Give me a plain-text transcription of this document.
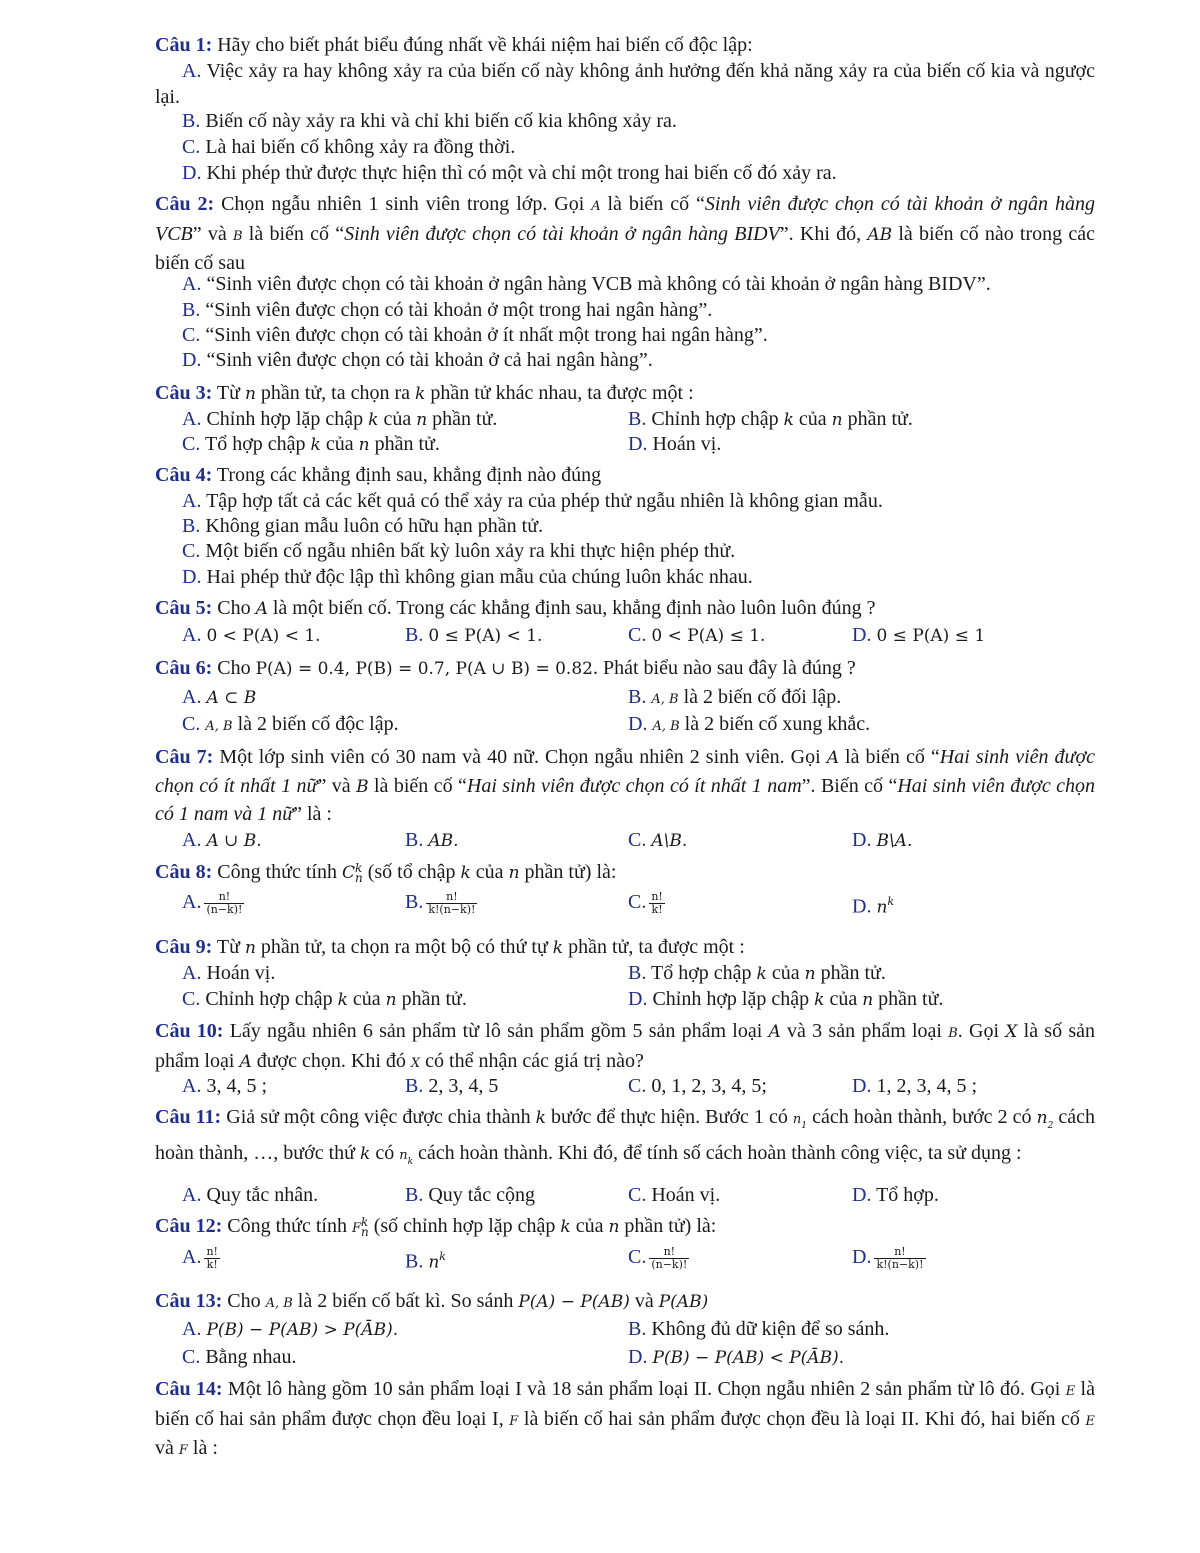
Câu 1: Hãy cho biết phát biểu đúng nhất về khái niệm hai biến cố độc lập:
A. Việc xảy ra hay không xảy ra của biến cố này không ảnh hưởng đến khả năng xảy ra của biến cố kia và ngược lại.
B. Biến cố này xảy ra khi và chỉ khi biến cố kia không xảy ra.
C. Là hai biến cố không xảy ra đồng thời.
D. Khi phép thử được thực hiện thì có một và chỉ một trong hai biến cố đó xảy ra.
Câu 2: Chọn ngẫu nhiên 1 sinh viên trong lớp. Gọi A là biến cố “Sinh viên được chọn có tài khoản ở ngân hàng VCB” và B là biến cố “Sinh viên được chọn có tài khoản ở ngân hàng BIDV”. Khi đó, AB là biến cố nào trong các biến cố sau
A. “Sinh viên được chọn có tài khoản ở ngân hàng VCB mà không có tài khoản ở ngân hàng BIDV”.
B. “Sinh viên được chọn có tài khoản ở một trong hai ngân hàng”.
C. “Sinh viên được chọn có tài khoản ở ít nhất một trong hai ngân hàng”.
D. “Sinh viên được chọn có tài khoản ở cả hai ngân hàng”.
Câu 3: Từ n phần tử, ta chọn ra k phần tử khác nhau, ta được một :
A. Chỉnh hợp lặp chập k của n phần tử.	B. Chỉnh hợp chập k của n phần tử.
C. Tổ hợp chập k của n phần tử.	D. Hoán vị.
Câu 4: Trong các khẳng định sau, khẳng định nào đúng
A. Tập hợp tất cả các kết quả có thể xảy ra của phép thử ngẫu nhiên là không gian mẫu.
B. Không gian mẫu luôn có hữu hạn phần tử.
C. Một biến cố ngẫu nhiên bất kỳ luôn xảy ra khi thực hiện phép thử.
D. Hai phép thử độc lập thì không gian mẫu của chúng luôn khác nhau.
Câu 5: Cho A là một biến cố. Trong các khẳng định sau, khẳng định nào luôn luôn đúng ?
A. 0 < P(A) < 1.	B. 0 ≤ P(A) < 1.	C. 0 < P(A) ≤ 1.	D. 0 ≤ P(A) ≤ 1
Câu 6: Cho P(A) = 0.4, P(B) = 0.7, P(A ∪ B) = 0.82. Phát biểu nào sau đây là đúng ?
A. A ⊂ B	B. A, B là 2 biến cố đối lập.
C. A, B là 2 biến cố độc lập.	D. A, B là 2 biến cố xung khắc.
Câu 7: Một lớp sinh viên có 30 nam và 40 nữ. Chọn ngẫu nhiên 2 sinh viên. Gọi A là biến cố “Hai sinh viên được chọn có ít nhất 1 nữ” và B là biến cố “Hai sinh viên được chọn có ít nhất 1 nam”. Biến cố “Hai sinh viên được chọn có 1 nam và 1 nữ” là :
A. A ∪ B.	B. AB.	C. A\B.	D. B\A.
Câu 8: Công thức tính C k
n (số tổ chập k của n phần tử) là:
A. $\frac{n!}{(n-k)!}$	B. $\frac{n!}{k!(n-k)!}$	C. $\frac{n!}{k!}$	D. $n^k$
Câu 9: Từ n phần tử, ta chọn ra một bộ có thứ tự k phần tử, ta được một :
A. Hoán vị.	B. Tổ hợp chập k của n phần tử.
C. Chỉnh hợp chập k của n phần tử.	D. Chỉnh hợp lặp chập k của n phần tử.
Câu 10: Lấy ngẫu nhiên 6 sản phẩm từ lô sản phẩm gồm 5 sản phẩm loại A và 3 sản phẩm loại B. Gọi X là số sản phẩm loại A được chọn. Khi đó X có thể nhận các giá trị nào?
A. 3, 4, 5 ;	B. 2, 3, 4, 5	C. 0, 1, 2, 3, 4, 5;	D. 1, 2, 3, 4, 5 ;
Câu 11: Giả sử một công việc được chia thành k bước để thực hiện. Bước 1 có $n_1$ cách hoàn thành, bước 2 có $n_2$ cách hoàn thành, …, bước thứ k có $n_k$ cách hoàn thành. Khi đó, để tính số cách hoàn thành công việc, ta sử dụng :
A. Quy tắc nhân.	B. Quy tắc cộng	C. Hoán vị.	D. Tổ hợp.
Câu 12: Công thức tính F k
n (số chỉnh hợp lặp chập k của n phần tử) là:
A. $\frac{n!}{k!}$	B. $n^k$	C. $\frac{n!}{(n-k)!}$	D. $\frac{n!}{k!(n-k)!}$
Câu 13: Cho A, B là 2 biến cố bất kì. So sánh P(A) − P(AB) và P(AB)
A. P(B) − P(AB) > P(ĀB).	B. Không đủ dữ kiện để so sánh.
C. Bằng nhau.	D. P(B) − P(AB) < P(ĀB).
Câu 14: Một lô hàng gồm 10 sản phẩm loại I và 18 sản phẩm loại II. Chọn ngẫu nhiên 2 sản phẩm từ lô đó. Gọi E là biến cố hai sản phẩm được chọn đều loại I, F là biến cố hai sản phẩm được chọn đều là loại II. Khi đó, hai biến cố E và F là :
